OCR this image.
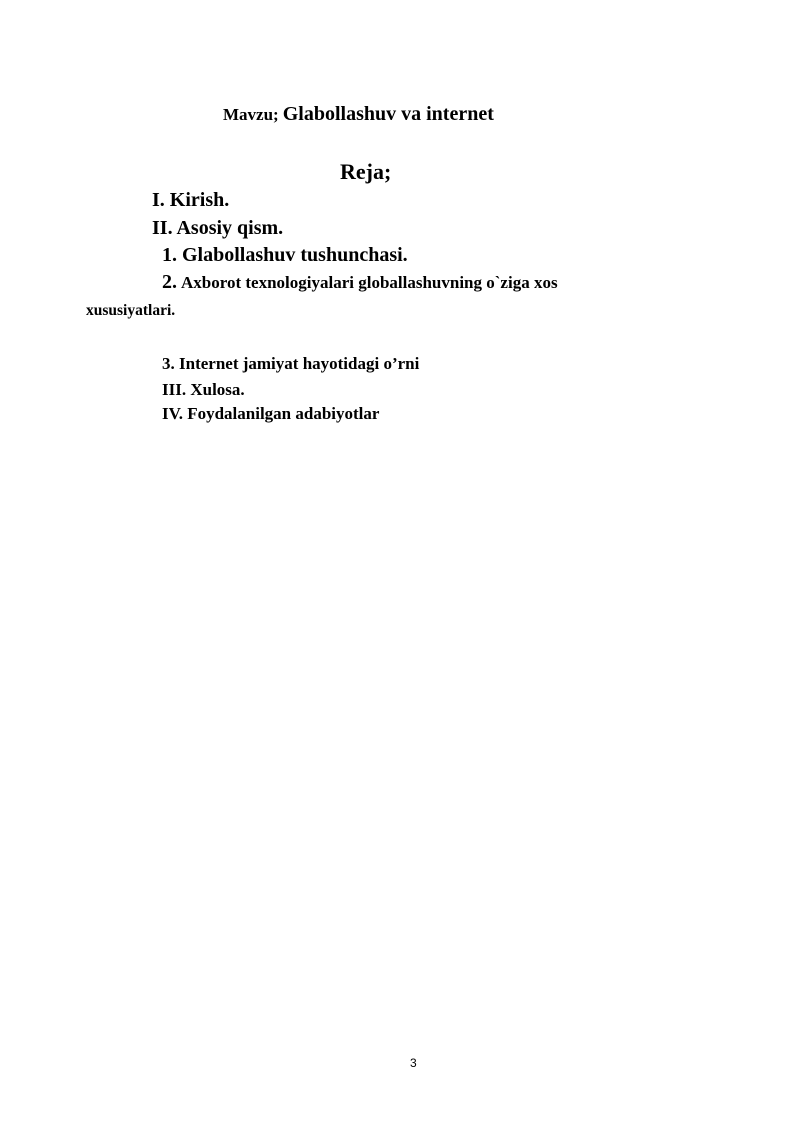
Mavzu; Glabollashuv va internet
Reja;
I. Kirish.
II. Asosiy qism.
1. Glabollashuv tushunchasi.
2. Axborot texnologiyalari globallashuvning o`ziga xos
xususiyatlari.
3. Internet jamiyat hayotidagi o’rni
III. Xulosa.
IV. Foydalanilgan adabiyotlar
3
